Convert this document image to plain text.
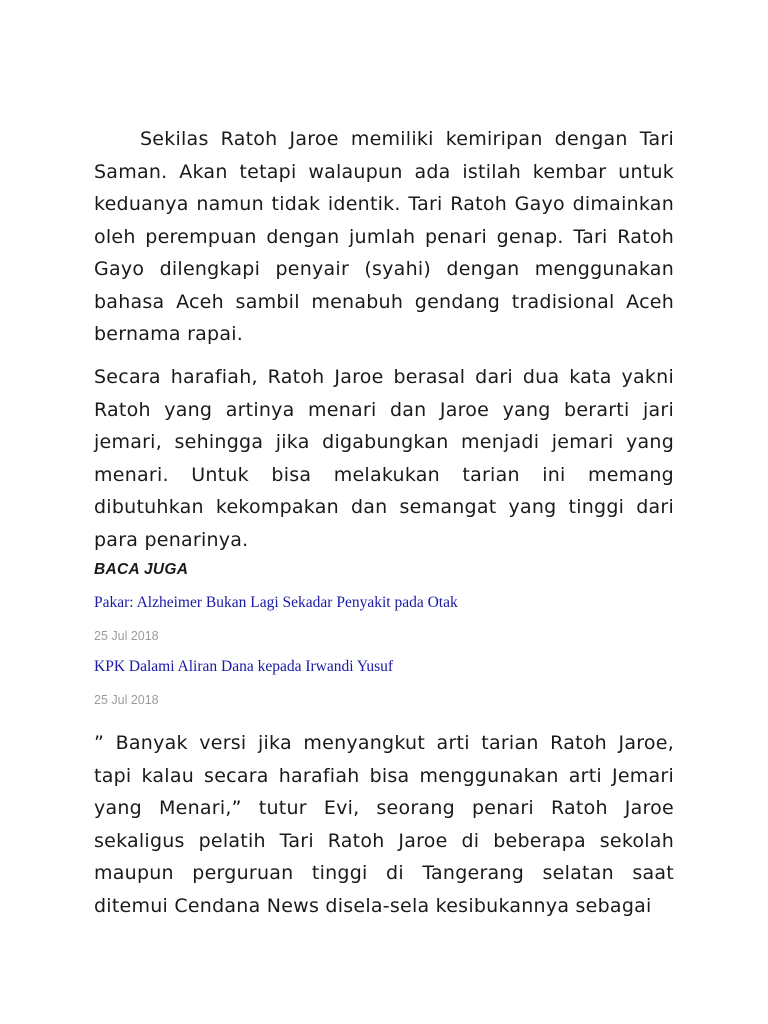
Sekilas Ratoh Jaroe memiliki kemiripan dengan Tari Saman. Akan tetapi walaupun ada istilah kembar untuk keduanya namun tidak identik. Tari Ratoh Gayo dimainkan oleh perempuan dengan jumlah penari genap. Tari Ratoh Gayo dilengkapi penyair (syahi) dengan menggunakan bahasa Aceh sambil menabuh gendang tradisional Aceh bernama rapai.

Secara harafiah, Ratoh Jaroe berasal dari dua kata yakni Ratoh yang artinya menari dan Jaroe yang berarti jari jemari, sehingga jika digabungkan menjadi jemari yang menari. Untuk bisa melakukan tarian ini memang dibutuhkan kekompakan dan semangat yang tinggi dari para penarinya.

BACA JUGA
Pakar: Alzheimer Bukan Lagi Sekadar Penyakit pada Otak
25 Jul 2018
KPK Dalami Aliran Dana kepada Irwandi Yusuf
25 Jul 2018

” Banyak versi jika menyangkut arti tarian Ratoh Jaroe, tapi kalau secara harafiah bisa menggunakan arti Jemari yang Menari,” tutur Evi, seorang penari Ratoh Jaroe sekaligus pelatih Tari Ratoh Jaroe di beberapa sekolah maupun perguruan tinggi di Tangerang selatan saat ditemui Cendana News disela-sela kesibukannya sebagai
